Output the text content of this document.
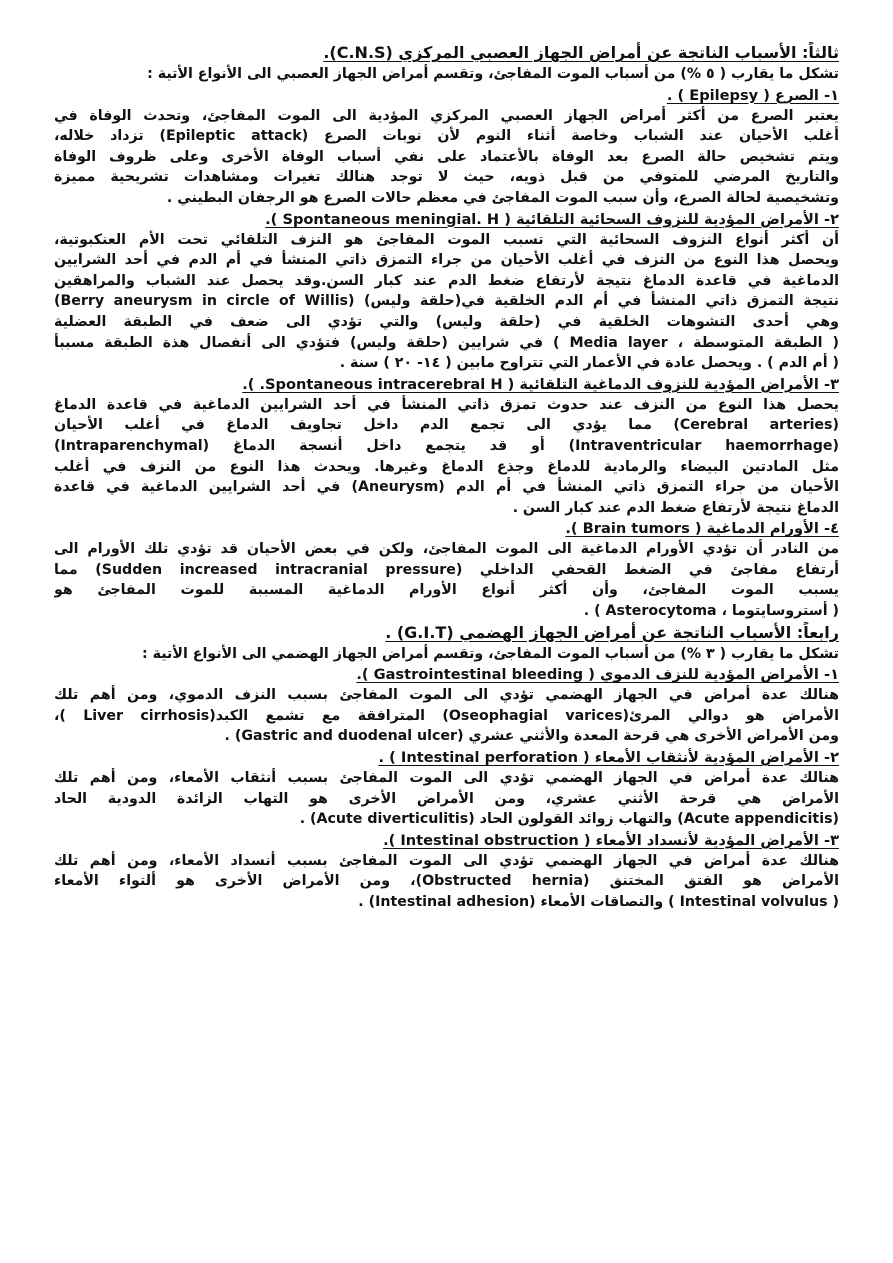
ثالثاً: الأسباب الناتجة عن أمراض الجهاز العصبي المركزي (C.N.S).
تشكل ما يقارب ( ٥ %) من أسباب الموت المفاجئ، وتقسم أمراض الجهاز العصبي الى الأنواع الأتية :
١- الصرع ( Epilepsy ) .
يعتبر الصرع من أكثر أمراض الجهاز العصبي المركزي المؤدية الى الموت المفاجئ، وتحدث الوفاة في
أغلب الأحيان عند الشباب وخاصة أثناء النوم لأن نوبات الصرع (Epileptic attack) تزداد خلاله،
ويتم تشخيص حالة الصرع بعد الوفاة بالأعتماد على نفي أسباب الوفاة الأخرى وعلى ظروف الوفاة
والتاريخ المرضي للمتوفي من قبل ذويه، حيث لا توجد هنالك تغيرات ومشاهدات تشريحية مميزة
وتشخيصية لحالة الصرع، وأن سبب الموت المفاجئ في معظم حالات الصرع هو الرجفان البطيني .
٢- الأمراض المؤدية للنزوف السحائية التلقائية ( Spontaneous meningial. H ).
أن أكثر أنواع النزوف السحائية التي تسبب الموت المفاجئ هو النزف التلقائي تحت الأم العنكبوتية،
ويحصل هذا النوع من النزف في أغلب الأحيان من جراء التمزق ذاتي المنشأ في أم الدم في أحد الشرايين
الدماغية في قاعدة الدماغ نتيجة لأرتفاع ضغط الدم عند كبار السن.وقد يحصل عند الشباب والمراهقين
نتيجة التمزق ذاتي المنشأ في أم الدم الخلقية في(حلقة وليس) (Berry aneurysm in circle of Willis)
وهي أحدى التشوهات الخلقية في (حلقة وليس) والتي تؤدي الى ضعف في الطبقة العضلية
( الطبقة المتوسطة ، Media layer ) في شرايين (حلقة وليس) فتؤدي الى أنفصال هذة الطبقة مسببأ
( أم الدم ) . ويحصل عادة في الأعمار التي تتراوح مابين ( ١٤- ٢٠ ) سنة .
٣- الأمراض المؤدية للنزوف الدماغية التلقائية ( Spontaneous intracerebral H. ).
يحصل هذا النوع من النزف عند حدوث تمزق ذاتي المنشأ في أحد الشرايين الدماغية في قاعدة الدماغ
(Cerebral arteries) مما يؤدي الى تجمع الدم داخل تجاويف الدماغ في أغلب الأحيان
(Intraventricular haemorrhage) أو قد يتجمع داخل أنسجة الدماغ (Intraparenchymal)
مثل المادتين البيضاء والرمادية للدماغ وجذع الدماغ وغيرها. ويحدث هذا النوع من النزف في أغلب
الأحيان من جراء التمزق ذاتي المنشأ في أم الدم (Aneurysm) في أحد الشرايين الدماغية في قاعدة
الدماغ نتيجة لأرتفاع ضغط الدم عند كبار السن .
٤- الأورام الدماغية ( Brain tumors ).
من النادر أن تؤدي الأورام الدماغية الى الموت المفاجئ، ولكن في بعض الأحيان قد تؤدي تلك الأورام الى
أرتفاع مفاجئ في الضغط القحفي الداخلي (Sudden increased intracranial pressure) مما
يسبب الموت المفاجئ، وأن أكثر أنواع الأورام الدماغية المسببة للموت المفاجئ هو
( أستروسايتوما ، Asterocytoma ) .
رابعاً: الأسباب الناتجة عن أمراض الجهاز الهضمي (G.I.T) .
تشكل ما يقارب ( ٣ %) من أسباب الموت المفاجئ، وتقسم أمراض الجهاز الهضمي الى الأنواع الأتية :
١- الأمراض المؤدية للنزف الدموي ( Gastrointestinal bleeding ).
هنالك عدة أمراض في الجهاز الهضمي تؤدي الى الموت المفاجئ بسبب النزف الدموي، ومن أهم تلك
الأمراض هو دوالي المرئ(Oseophagial varices) المترافقة مع تشمع الكبد(Liver cirrhosis )،
ومن الأمراض الأخرى هي قرحة المعدة والأثني عشري (Gastric and duodenal ulcer) .
٢- الأمراض المؤدية لأنثقاب الأمعاء ( Intestinal perforation ) .
هنالك عدة أمراض في الجهاز الهضمي تؤدي الى الموت المفاجئ بسبب أنثقاب الأمعاء، ومن أهم تلك
الأمراض هي قرحة الأثني عشري، ومن الأمراض الأخرى هو التهاب الزائدة الدودية الحاد
(Acute appendicitis) والتهاب زوائد القولون الحاد (Acute diverticulitis) .
٣- الأمراض المؤدية لأنسداد الأمعاء ( Intestinal obstruction ).
هنالك عدة أمراض في الجهاز الهضمي تؤدي الى الموت المفاجئ بسبب أنسداد الأمعاء، ومن أهم تلك
الأمراض هو الفتق المختنق (Obstructed hernia)، ومن الأمراض الأخرى هو ألتواء الأمعاء
( Intestinal volvulus ) والتصاقات الأمعاء (Intestinal adhesion) .
